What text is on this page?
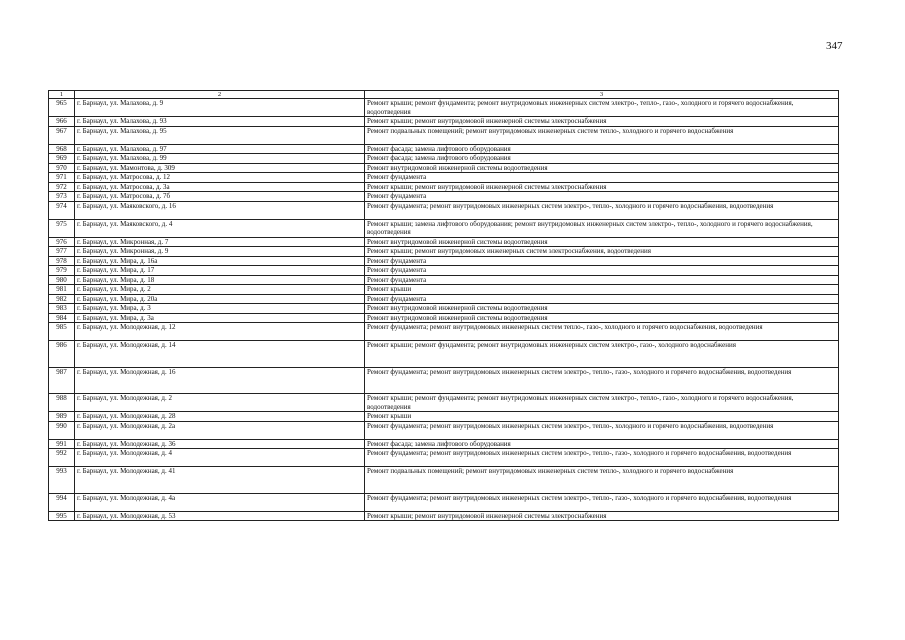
347
1	2	3
965	г. Барнаул, ул. Малахова, д. 9	Ремонт крыши; ремонт фундамента; ремонт внутридомовых инженерных систем электро-, тепло-, газо-, холодного и горячего водоснабжения, водоотведения
966	г. Барнаул, ул. Малахова, д. 93	Ремонт крыши; ремонт внутридомовой инженерной системы электроснабжения
967	г. Барнаул, ул. Малахова, д. 95	Ремонт подвальных помещений; ремонт внутридомовых инженерных систем тепло-, холодного и горячего водоснабжения
968	г. Барнаул, ул. Малахова, д. 97	Ремонт фасада; замена лифтового оборудования
969	г. Барнаул, ул. Малахова, д. 99	Ремонт фасада; замена лифтового оборудования
970	г. Барнаул, ул. Мамонтова, д. 309	Ремонт внутридомовой инженерной системы водоотведения
971	г. Барнаул, ул. Матросова, д. 12	Ремонт фундамента
972	г. Барнаул, ул. Матросова, д. 3а	Ремонт крыши; ремонт внутридомовой инженерной системы электроснабжения
973	г. Барнаул, ул. Матросова, д. 7б	Ремонт фундамента
974	г. Барнаул, ул. Маяковского, д. 16	Ремонт фундамента; ремонт внутридомовых инженерных систем электро-, тепло-, холодного и горячего водоснабжения, водоотведения
975	г. Барнаул, ул. Маяковского, д. 4	Ремонт крыши; замена лифтового оборудования; ремонт внутридомовых инженерных систем электро-, тепло-, холодного и горячего водоснабжения, водоотведения
976	г. Барнаул, ул. Микронная, д. 7	Ремонт внутридомовой инженерной системы водоотведения
977	г. Барнаул, ул. Микронная, д. 9	Ремонт крыши; ремонт внутридомовых инженерных систем электроснабжения, водоотведения
978	г. Барнаул, ул. Мира, д. 16а	Ремонт фундамента
979	г. Барнаул, ул. Мира, д. 17	Ремонт фундамента
980	г. Барнаул, ул. Мира, д. 18	Ремонт фундамента
981	г. Барнаул, ул. Мира, д. 2	Ремонт крыши
982	г. Барнаул, ул. Мира, д. 20а	Ремонт фундамента
983	г. Барнаул, ул. Мира, д. 3	Ремонт внутридомовой инженерной системы водоотведения
984	г. Барнаул, ул. Мира, д. 3а	Ремонт внутридомовой инженерной системы водоотведения
985	г. Барнаул, ул. Молодежная, д. 12	Ремонт фундамента; ремонт внутридомовых инженерных систем тепло-, газо-, холодного и горячего водоснабжения, водоотведения
986	г. Барнаул, ул. Молодежная, д. 14	Ремонт крыши; ремонт фундамента; ремонт внутридомовых инженерных систем электро-, газо-, холодного водоснабжения
987	г. Барнаул, ул. Молодежная, д. 16	Ремонт фундамента; ремонт внутридомовых инженерных систем электро-, тепло-, газо-, холодного и горячего водоснабжения, водоотведения
988	г. Барнаул, ул. Молодежная, д. 2	Ремонт крыши; ремонт фундамента; ремонт внутридомовых инженерных систем электро-, тепло-, газо-, холодного и горячего водоснабжения, водоотведения
989	г. Барнаул, ул. Молодежная, д. 28	Ремонт крыши
990	г. Барнаул, ул. Молодежная, д. 2а	Ремонт фундамента; ремонт внутридомовых инженерных систем электро-, тепло-, холодного и горячего водоснабжения, водоотведения
991	г. Барнаул, ул. Молодежная, д. 36	Ремонт фасада; замена лифтового оборудования
992	г. Барнаул, ул. Молодежная, д. 4	Ремонт фундамента; ремонт внутридомовых инженерных систем электро-, тепло-, газо-, холодного и горячего водоснабжения, водоотведения
993	г. Барнаул, ул. Молодежная, д. 41	Ремонт подвальных помещений; ремонт внутридомовых инженерных систем тепло-, холодного и горячего водоснабжения
994	г. Барнаул, ул. Молодежная, д. 4а	Ремонт фундамента; ремонт внутридомовых инженерных систем электро-, тепло-, газо-, холодного и горячего водоснабжения, водоотведения
995	г. Барнаул, ул. Молодежная, д. 53	Ремонт крыши; ремонт внутридомовой инженерной системы электроснабжения
